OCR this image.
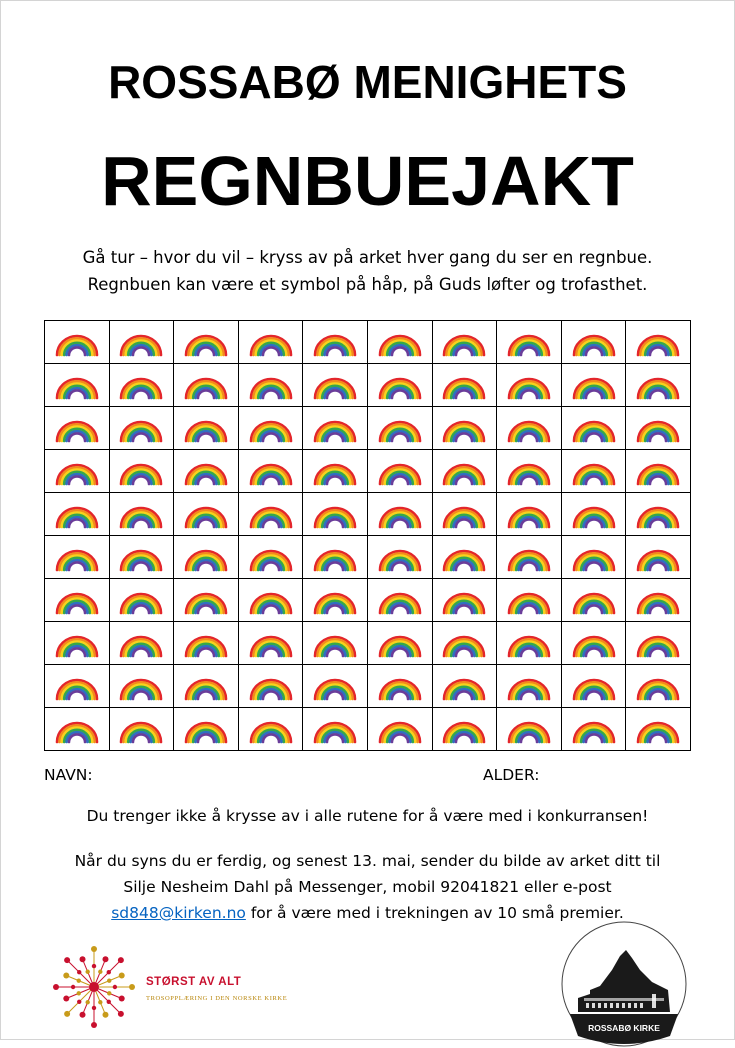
ROSSABØ MENIGHETS
REGNBUEJAKT
Gå tur – hvor du vil – kryss av på arket hver gang du ser en regnbue.
Regnbuen kan være et symbol på håp, på Guds løfter og trofasthet.

NAVN:	ALDER:
Du trenger ikke å krysse av i alle rutene for å være med i konkurransen!
Når du syns du er ferdig, og senest 13. mai, sender du bilde av arket ditt til
Silje Nesheim Dahl på Messenger, mobil 92041821 eller e-post
sd848@kirken.no for å være med i trekningen av 10 små premier.
STØRST AV ALT
TROSOPPLÆRING I DEN NORSKE KIRKE
ROSSABØ KIRKE
